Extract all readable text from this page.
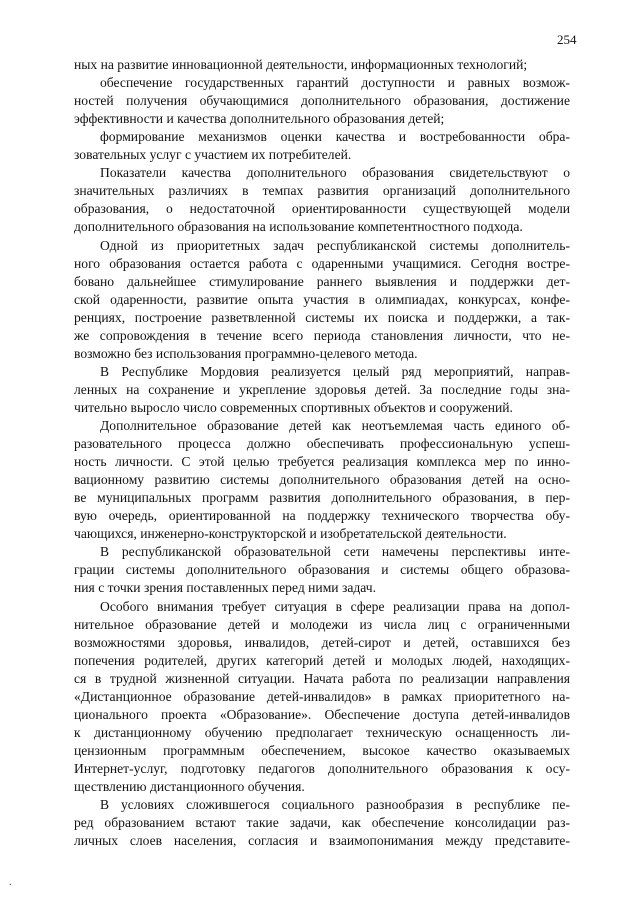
254
ных на развитие инновационной деятельности, информационных технологий;
обеспечение государственных гарантий доступности и равных возмож-
ностей получения обучающимися дополнительного образования, достижение
эффективности и качества дополнительного образования детей;
формирование механизмов оценки качества и востребованности обра-
зовательных услуг с участием их потребителей.
Показатели качества дополнительного образования свидетельствуют о
значительных различиях в темпах развития организаций дополнительного
образования, о недостаточной ориентированности существующей модели
дополнительного образования на использование компетентностного подхода.
Одной из приоритетных задач республиканской системы дополнитель-
ного образования остается работа с одаренными учащимися. Сегодня востре-
бовано дальнейшее стимулирование раннего выявления и поддержки дет-
ской одаренности, развитие опыта участия в олимпиадах, конкурсах, конфе-
ренциях, построение разветвленной системы их поиска и поддержки, а так-
же сопровождения в течение всего периода становления личности, что не-
возможно без использования программно-целевого метода.
В Республике Мордовия реализуется целый ряд мероприятий, направ-
ленных на сохранение и укрепление здоровья детей. За последние годы зна-
чительно выросло число современных спортивных объектов и сооружений.
Дополнительное образование детей как неотъемлемая часть единого об-
разовательного процесса должно обеспечивать профессиональную успеш-
ность личности. С этой целью требуется реализация комплекса мер по инно-
вационному развитию системы дополнительного образования детей на осно-
ве муниципальных программ развития дополнительного образования, в пер-
вую очередь, ориентированной на поддержку технического творчества обу-
чающихся, инженерно-конструкторской и изобретательской деятельности.
В республиканской образовательной сети намечены перспективы инте-
грации системы дополнительного образования и системы общего образова-
ния с точки зрения поставленных перед ними задач.
Особого внимания требует ситуация в сфере реализации права на допол-
нительное образование детей и молодежи из числа лиц с ограниченными
возможностями здоровья, инвалидов, детей-сирот и детей, оставшихся без
попечения родителей, других категорий детей и молодых людей, находящих-
ся в трудной жизненной ситуации. Начата работа по реализации направления
«Дистанционное образование детей-инвалидов» в рамках приоритетного на-
ционального проекта «Образование». Обеспечение доступа детей-инвалидов
к дистанционному обучению предполагает техническую оснащенность ли-
цензионным программным обеспечением, высокое качество оказываемых
Интернет-услуг, подготовку педагогов дополнительного образования к осу-
ществлению дистанционного обучения.
В условиях сложившегося социального разнообразия в республике пе-
ред образованием встают такие задачи, как обеспечение консолидации раз-
личных слоев населения, согласия и взаимопонимания между представите-
.
